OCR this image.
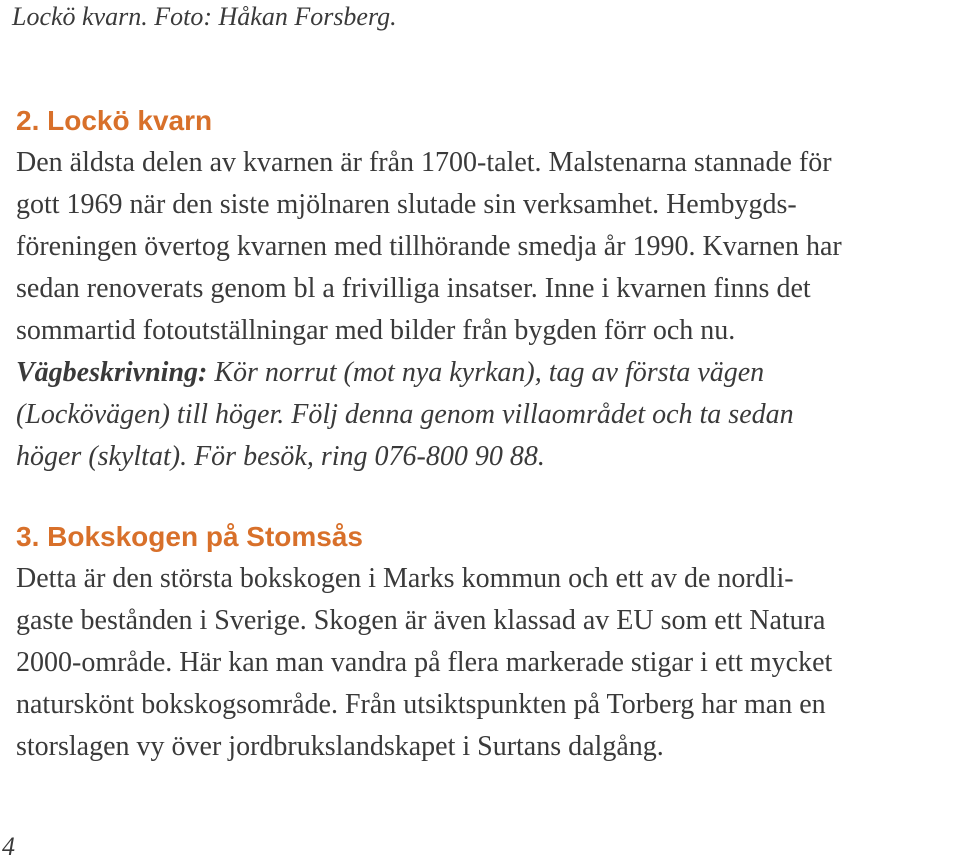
Lockö kvarn. Foto: Håkan Forsberg.
2. Lockö kvarn
Den äldsta delen av kvarnen är från 1700-talet. Malstenarna stannade för
gott 1969 när den siste mjölnaren slutade sin verksamhet. Hembygds-
föreningen övertog kvarnen med tillhörande smedja år 1990. Kvarnen har
sedan renoverats genom bl a frivilliga insatser. Inne i kvarnen finns det
sommartid fotoutställningar med bilder från bygden förr och nu.
Vägbeskrivning: Kör norrut (mot nya kyrkan), tag av första vägen
(Lockövägen) till höger. Följ denna genom villaområdet och ta sedan
höger (skyltat). För besök, ring 076-800 90 88.
3. Bokskogen på Stomsås
Detta är den största bokskogen i Marks kommun och ett av de nordli-
gaste bestånden i Sverige. Skogen är även klassad av EU som ett Natura
2000-område. Här kan man vandra på flera markerade stigar i ett mycket
naturskönt bokskogsområde. Från utsiktspunkten på Torberg har man en
storslagen vy över jordbrukslandskapet i Surtans dalgång.
4
